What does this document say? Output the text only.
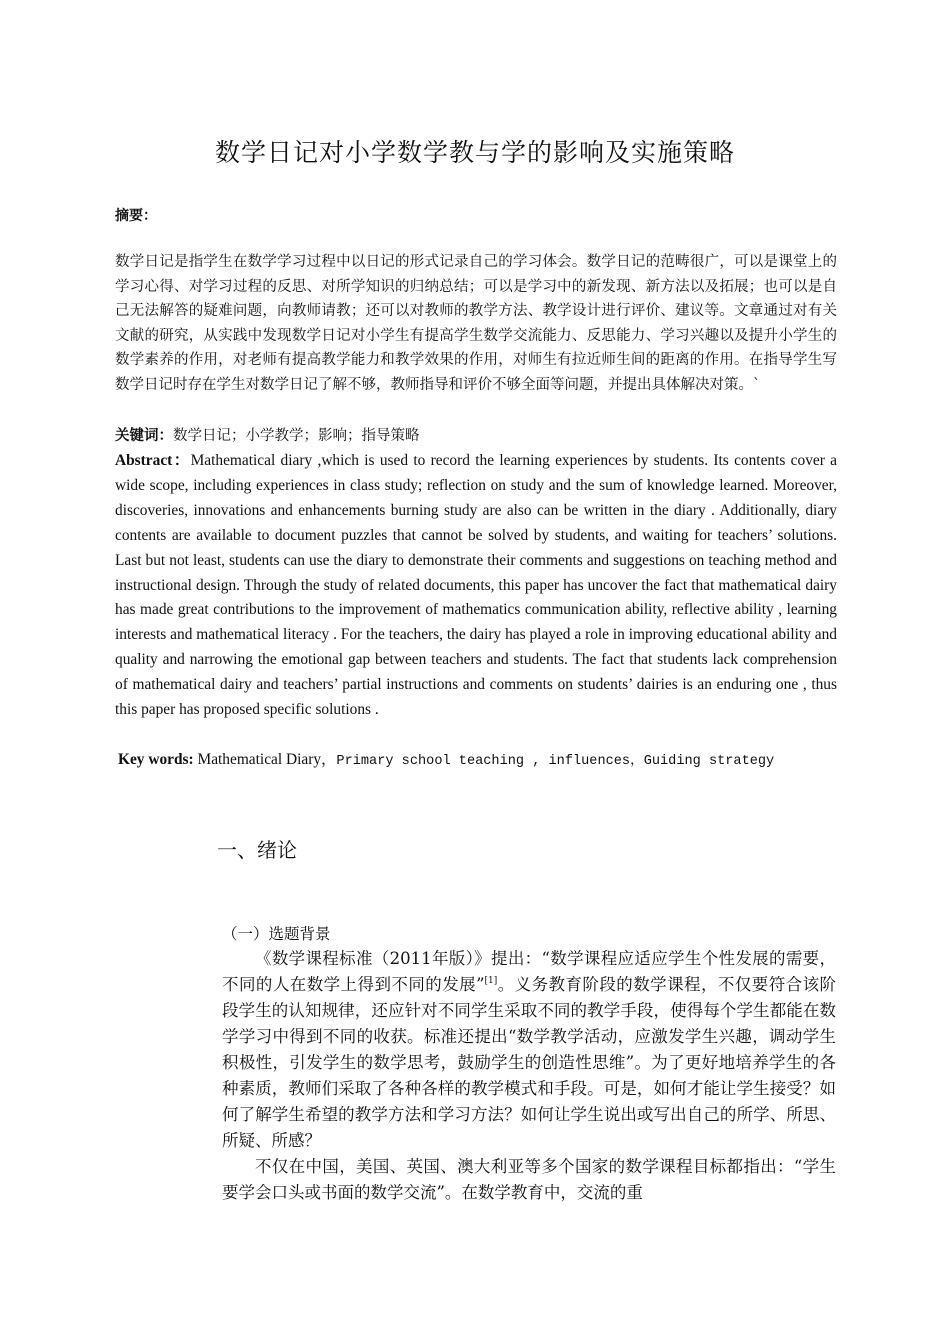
数学日记对小学数学教与学的影响及实施策略
摘要：
数学日记是指学生在数学学习过程中以日记的形式记录自己的学习体会。数学日记的范畴很广，可以是课堂上的学习心得、对学习过程的反思、对所学知识的归纳总结；可以是学习中的新发现、新方法以及拓展；也可以是自己无法解答的疑难问题，向教师请教；还可以对教师的教学方法、教学设计进行评价、建议等。文章通过对有关文献的研究，从实践中发现数学日记对小学生有提高学生数学交流能力、反思能力、学习兴趣以及提升小学生的数学素养的作用，对老师有提高教学能力和教学效果的作用，对师生有拉近师生间的距离的作用。在指导学生写数学日记时存在学生对数学日记了解不够，教师指导和评价不够全面等问题，并提出具体解决对策。`
关键词：数学日记；小学教学；影响；指导策略
Abstract：Mathematical diary ,which is used to record the learning experiences by students. Its contents cover a wide scope, including experiences in class study; reflection on study and the sum of knowledge learned. Moreover, discoveries, innovations and enhancements burning study are also can be written in the diary . Additionally, diary contents are available to document puzzles that cannot be solved by students, and waiting for teachers’ solutions. Last but not least, students can use the diary to demonstrate their comments and suggestions on teaching method and instructional design. Through the study of related documents, this paper has uncover the fact that mathematical dairy has made great contributions to the improvement of mathematics communication ability, reflective ability , learning interests and mathematical literacy . For the teachers, the dairy has played a role in improving educational ability and quality and narrowing the emotional gap between teachers and students. The fact that students lack comprehension of mathematical dairy and teachers’ partial instructions and comments on students’ dairies is an enduring one , thus this paper has proposed specific solutions .
Key words: Mathematical Diary，Primary school teaching , influences，Guiding strategy
一、绪论
（一）选题背景

《数学课程标准（2011年版）》提出：“数学课程应适应学生个性发展的需要，不同的人在数学上得到不同的发展”[1]。义务教育阶段的数学课程，不仅要符合该阶段学生的认知规律，还应针对不同学生采取不同的教学手段，使得每个学生都能在数学学习中得到不同的收获。标准还提出“数学教学活动，应激发学生兴趣，调动学生积极性，引发学生的数学思考，鼓励学生的创造性思维”。为了更好地培养学生的各种素质，教师们采取了各种各样的教学模式和手段。可是，如何才能让学生接受？如何了解学生希望的教学方法和学习方法？如何让学生说出或写出自己的所学、所思、所疑、所感？

不仅在中国，美国、英国、澳大利亚等多个国家的数学课程目标都指出：“学生要学会口头或书面的数学交流”。在数学教育中，交流的重
